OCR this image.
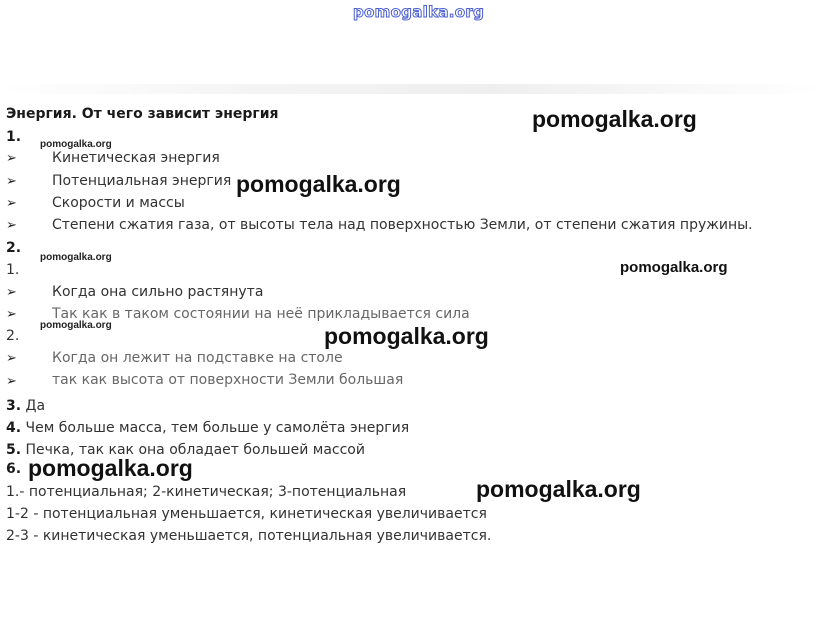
pomogalka.org
Энергия. От чего зависит энергия
1.
➢	Кинетическая энергия
➢	Потенциальная энергия
➢	Скорости и массы
➢	Степени сжатия газа, от высоты тела над поверхностью Земли, от степени сжатия пружины.
2.
1.
➢	Когда она сильно растянута
➢	Так как в таком состоянии на неё прикладывается сила
2.
➢	Когда он лежит на подставке на столе
➢	так как высота от поверхности Земли большая
3. Да
4. Чем больше масса, тем больше у самолёта энергия
5. Печка, так как она обладает большей массой
6.
1.- потенциальная; 2-кинетическая; 3-потенциальная
1-2 - потенциальная уменьшается, кинетическая увеличивается
2-3 - кинетическая уменьшается, потенциальная увеличивается.
pomogalka.org
pomogalka.org
pomogalka.org
pomogalka.org
pomogalka.org
pomogalka.org	pomogalka.org
pomogalka.org
pomogalka.org
